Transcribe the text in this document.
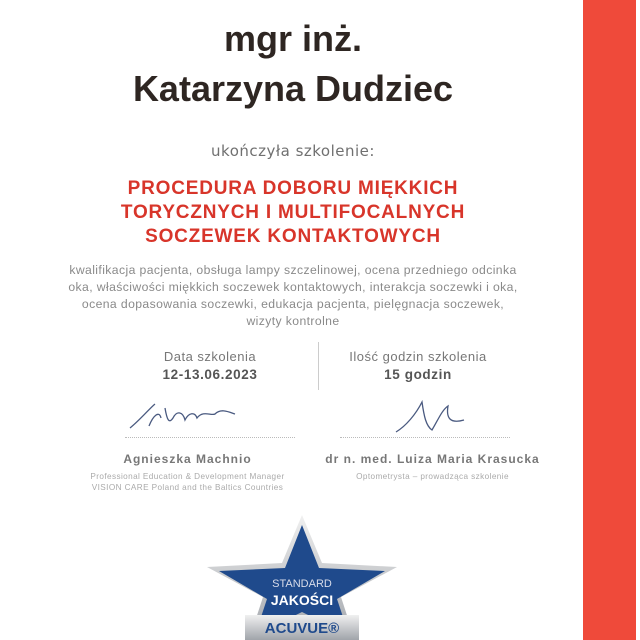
mgr inż.
Katarzyna Dudziec
ukończyła szkolenie:
PROCEDURA DOBORU MIĘKKICH
TORYCZNYCH I MULTIFOCALNYCH
SOCZEWEK KONTAKTOWYCH
kwalifikacja pacjenta, obsługa lampy szczelinowej, ocena przedniego odcinka
oka, właściwości miękkich soczewek kontaktowych, interakcja soczewki i oka,
ocena dopasowania soczewki, edukacja pacjenta, pielęgnacja soczewek,
wizyty kontrolne
Data szkolenia
12-13.06.2023
Ilość godzin szkolenia
15 godzin
Agnieszka Machnio
Professional Education & Development Manager
VISION CARE Poland and the Baltics Countries
dr n. med. Luiza Maria Krasucka
Optometrysta – prowadząca szkolenie
STANDARD
JAKOŚCI
ACUVUE®
